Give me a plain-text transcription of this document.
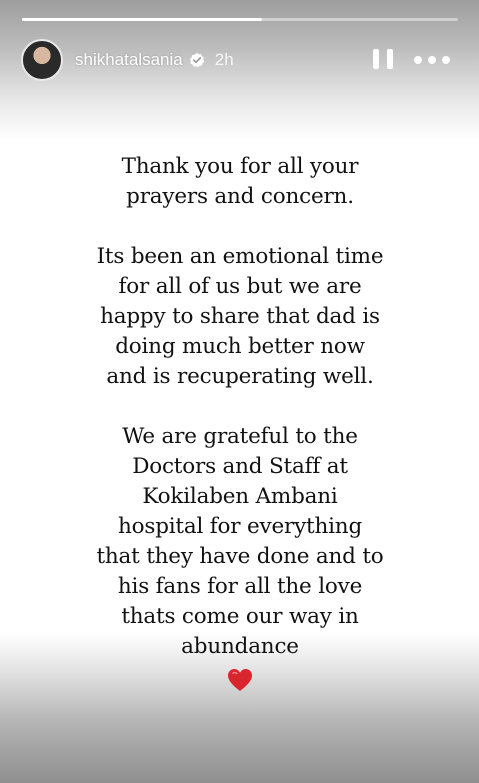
shikhatalsania 2h

Thank you for all your
prayers and concern.

Its been an emotional time
for all of us but we are
happy to share that dad is
doing much better now
and is recuperating well.

We are grateful to the
Doctors and Staff at
Kokilaben Ambani
hospital for everything
that they have done and to
his fans for all the love
thats come our way in
abundance
